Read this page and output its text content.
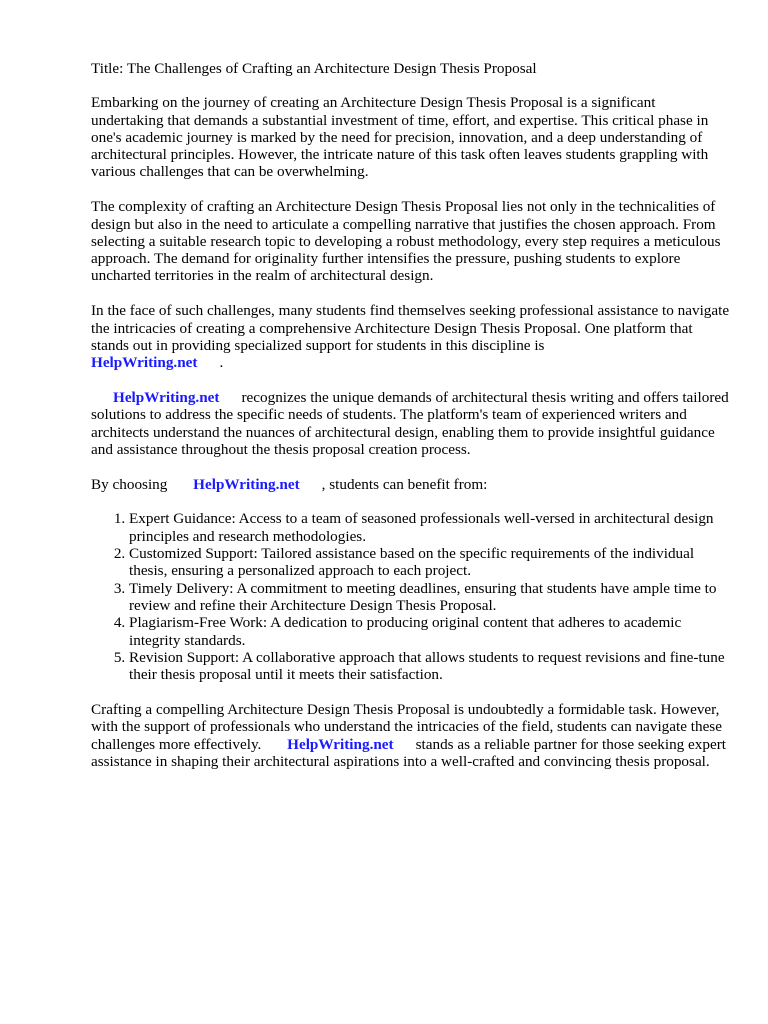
Title: The Challenges of Crafting an Architecture Design Thesis Proposal

Embarking on the journey of creating an Architecture Design Thesis Proposal is a significant undertaking that demands a substantial investment of time, effort, and expertise. This critical phase in one's academic journey is marked by the need for precision, innovation, and a deep understanding of architectural principles. However, the intricate nature of this task often leaves students grappling with various challenges that can be overwhelming.

The complexity of crafting an Architecture Design Thesis Proposal lies not only in the technicalities of design but also in the need to articulate a compelling narrative that justifies the chosen approach. From selecting a suitable research topic to developing a robust methodology, every step requires a meticulous approach. The demand for originality further intensifies the pressure, pushing students to explore uncharted territories in the realm of architectural design.

In the face of such challenges, many students find themselves seeking professional assistance to navigate the intricacies of creating a comprehensive Architecture Design Thesis Proposal. One platform that stands out in providing specialized support for students in this discipline is
HelpWriting.net .

HelpWriting.net recognizes the unique demands of architectural thesis writing and offers tailored solutions to address the specific needs of students. The platform's team of experienced writers and architects understand the nuances of architectural design, enabling them to provide insightful guidance and assistance throughout the thesis proposal creation process.

By choosing HelpWriting.net , students can benefit from:

1. Expert Guidance: Access to a team of seasoned professionals well-versed in architectural design principles and research methodologies.
2. Customized Support: Tailored assistance based on the specific requirements of the individual thesis, ensuring a personalized approach to each project.
3. Timely Delivery: A commitment to meeting deadlines, ensuring that students have ample time to review and refine their Architecture Design Thesis Proposal.
4. Plagiarism-Free Work: A dedication to producing original content that adheres to academic integrity standards.
5. Revision Support: A collaborative approach that allows students to request revisions and fine-tune their thesis proposal until it meets their satisfaction.

Crafting a compelling Architecture Design Thesis Proposal is undoubtedly a formidable task. However, with the support of professionals who understand the intricacies of the field, students can navigate these challenges more effectively. HelpWriting.net stands as a reliable partner for those seeking expert assistance in shaping their architectural aspirations into a well-crafted and convincing thesis proposal.
